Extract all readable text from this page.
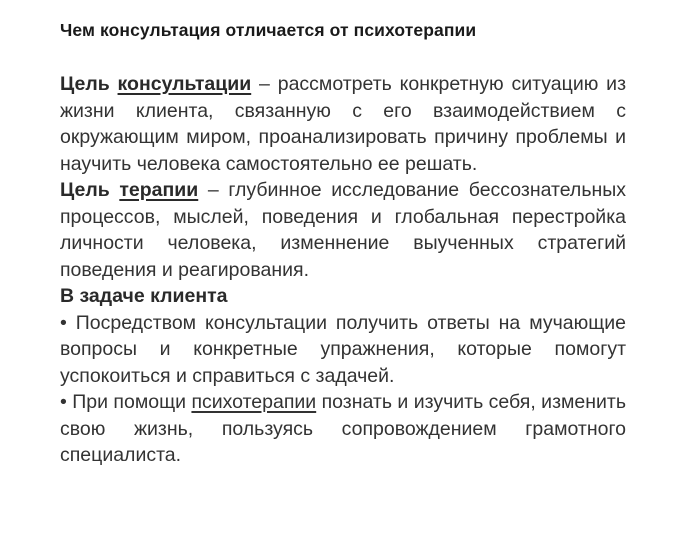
Чем консультация отличается от психотерапии

Цель консультации – рассмотреть конкретную ситуацию из жизни клиента, связанную с его взаимодействием с окружающим миром, проанализировать причину проблемы и научить человека самостоятельно ее решать.

Цель терапии – глубинное исследование бессознательных процессов, мыслей, поведения и глобальная перестройка личности человека, изменнение выученных стратегий поведения и реагирования.

В задаче клиента

• Посредством консультации получить ответы на мучающие вопросы и конкретные упражнения, которые помогут успокоиться и справиться с задачей.

• При помощи психотерапии познать и изучить себя, изменить свою жизнь, пользуясь сопровождением грамотного специалиста.
